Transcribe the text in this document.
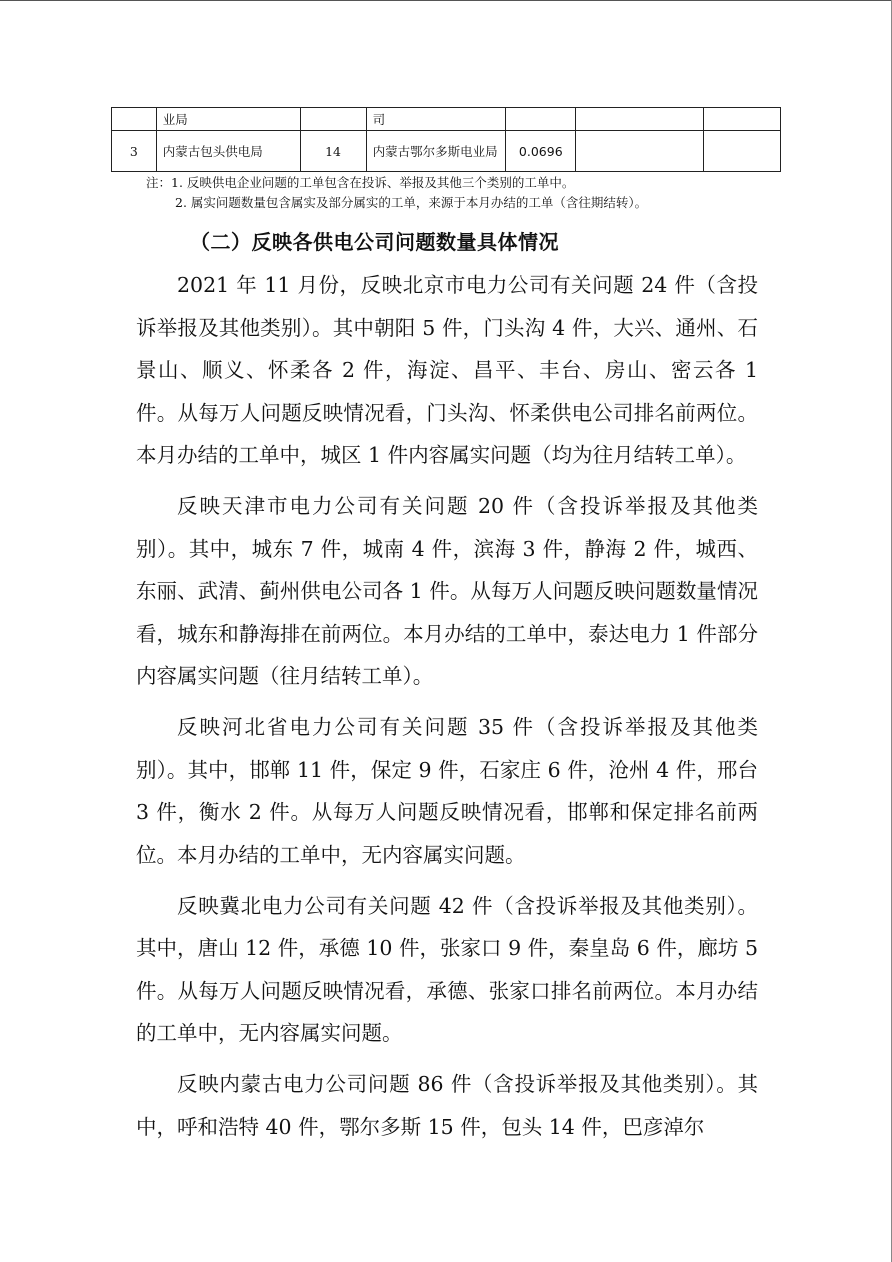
	业局		司			
3	内蒙古包头供电局	14	内蒙古鄂尔多斯电业局	0.0696		
注：1. 反映供电企业问题的工单包含在投诉、举报及其他三个类别的工单中。
2. 属实问题数量包含属实及部分属实的工单，来源于本月办结的工单（含往期结转）。
（二）反映各供电公司问题数量具体情况

2021 年 11 月份，反映北京市电力公司有关问题 24 件（含投诉举报及其他类别）。其中朝阳 5 件，门头沟 4 件，大兴、通州、石景山、顺义、怀柔各 2 件，海淀、昌平、丰台、房山、密云各 1 件。从每万人问题反映情况看，门头沟、怀柔供电公司排名前两位。本月办结的工单中，城区 1 件内容属实问题（均为往月结转工单）。

反映天津市电力公司有关问题 20 件（含投诉举报及其他类别）。其中，城东 7 件，城南 4 件，滨海 3 件，静海 2 件，城西、东丽、武清、蓟州供电公司各 1 件。从每万人问题反映问题数量情况看，城东和静海排在前两位。本月办结的工单中，泰达电力 1 件部分内容属实问题（往月结转工单）。

反映河北省电力公司有关问题 35 件（含投诉举报及其他类别）。其中，邯郸 11 件，保定 9 件，石家庄 6 件，沧州 4 件，邢台 3 件，衡水 2 件。从每万人问题反映情况看，邯郸和保定排名前两位。本月办结的工单中，无内容属实问题。

反映冀北电力公司有关问题 42 件（含投诉举报及其他类别）。其中，唐山 12 件，承德 10 件，张家口 9 件，秦皇岛 6 件，廊坊 5 件。从每万人问题反映情况看，承德、张家口排名前两位。本月办结的工单中，无内容属实问题。

反映内蒙古电力公司问题 86 件（含投诉举报及其他类别）。其中，呼和浩特 40 件，鄂尔多斯 15 件，包头 14 件，巴彦淖尔
